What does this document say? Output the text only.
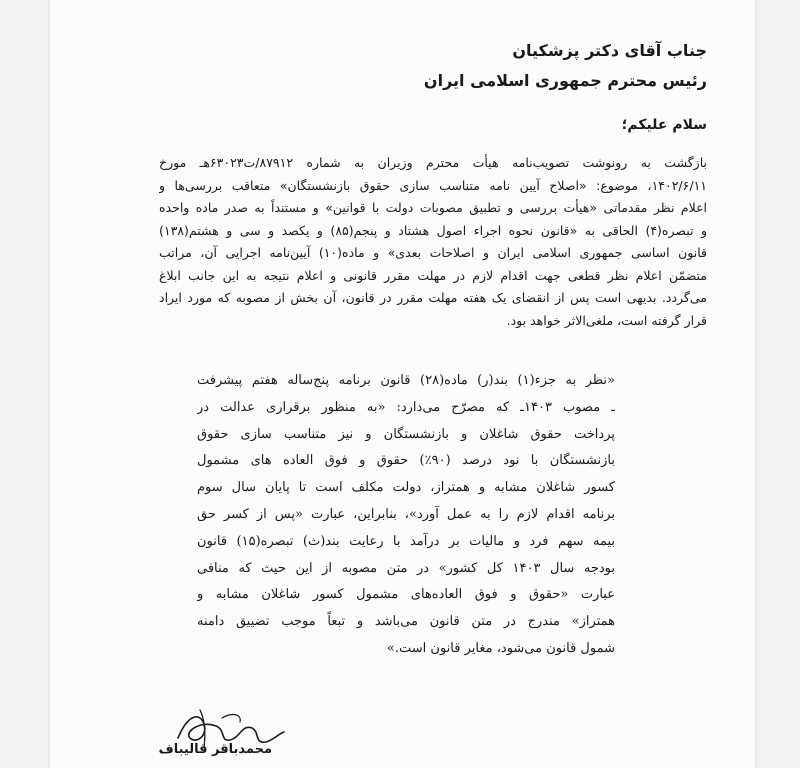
جناب آقای دکتر پزشکیان
رئیس محترم جمهوری اسلامی ایران
سلام علیکم؛
بازگشت به رونوشت تصویب‌نامه هیأت محترم وزیران به شماره ۸۷۹۱۲/ت۶۳۰۲۳هـ مورخ
۱۴۰۲/۶/۱۱، موضوع: «اصلاح آیین نامه متناسب سازی حقوق بازنشستگان» متعاقب بررسی‌ها و
اعلام نظر مقدماتی «هیأت بررسی و تطبیق مصوبات دولت با قوانین» و مستنداً به صدر ماده واحده
و تبصره(۴) الحاقی به «قانون نحوه اجراء اصول هشتاد و پنجم(۸۵) و یکصد و سی و هشتم(۱۳۸)
قانون اساسی جمهوری اسلامی ایران و اصلاحات بعدی» و ماده(۱۰) آیین‌نامه اجرایی آن، مراتب
متضمّن اعلام نظر قطعی جهت اقدام لازم در مهلت مقرر قانونی و اعلام نتیجه به این جانب ابلاغ
می‌گردد. بدیهی است پس از انقضای یک هفته مهلت مقرر در قانون، آن بخش از مصوبه که مورد ایراد
قرار گرفته است، ملغی‌الاثر خواهد بود.
«نظر به جزء(۱) بند(ر) ماده(۲۸) قانون برنامه پنج‌ساله هفتم پیشرفت
ـ مصوب ۱۴۰۳ـ که مصرّح می‌دارد: «به منظور برقراری عدالت در
پرداخت حقوق شاغلان و بازنشستگان و نیز متناسب سازی حقوق
بازنشستگان با نود درصد (۹۰٪) حقوق و فوق العاده های مشمول
کسور شاغلان مشابه و همتراز، دولت مکلف است تا پایان سال سوم
برنامه اقدام لازم را به عمل آورد»، بنابراین، عبارت «پس از کسر حق
بیمه سهم فرد و مالیات بر درآمد با رعایت بند(ث) تبصره(۱۵) قانون
بودجه سال ۱۴۰۳ کل کشور» در متن مصوبه از این حیث که منافی
عبارت «حقوق و فوق العاده‌های مشمول کسور شاغلان مشابه و
همتراز» مندرج در متن قانون می‌باشد و تبعاً موجب تضییق دامنه
شمول قانون می‌شود، مغایر قانون است.»
محمدباقر قالیباف
